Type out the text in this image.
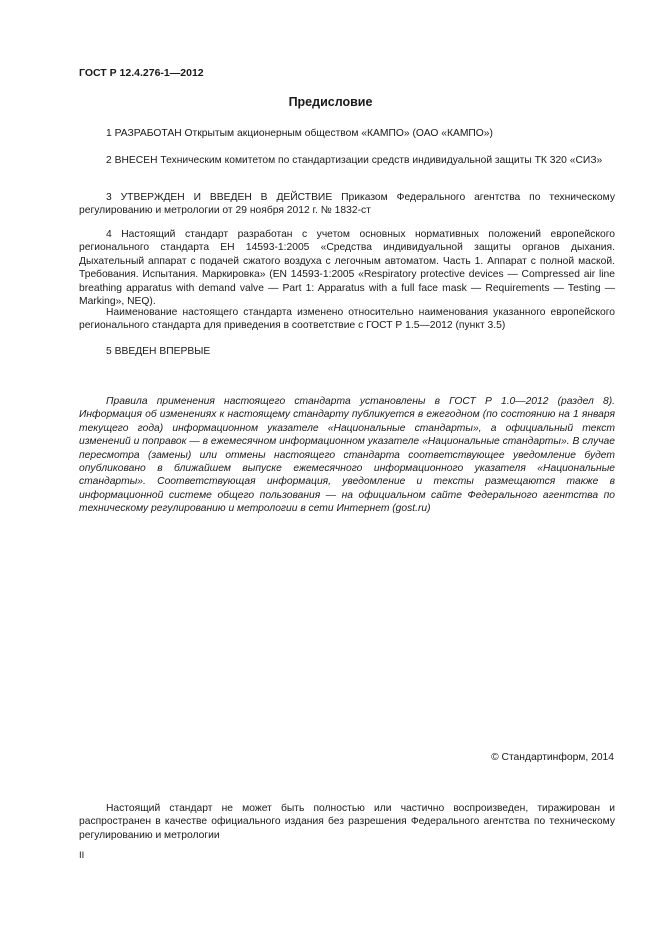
ГОСТ Р 12.4.276-1—2012
Предисловие

1 РАЗРАБОТАН Открытым акционерным обществом «КАМПО» (ОАО «КАМПО»)

2 ВНЕСЕН Техническим комитетом по стандартизации средств индивидуальной защиты ТК 320 «СИЗ»

3 УТВЕРЖДЕН И ВВЕДЕН В ДЕЙСТВИЕ Приказом Федерального агентства по техническому регулированию и метрологии от 29 ноября 2012 г. № 1832-ст

4 Настоящий стандарт разработан с учетом основных нормативных положений европейского регионального стандарта ЕН 14593-1:2005 «Средства индивидуальной защиты органов дыхания. Дыхательный аппарат с подачей сжатого воздуха с легочным автоматом. Часть 1. Аппарат с полной маской. Требования. Испытания. Маркировка» (EN 14593-1:2005 «Respiratory protective devices — Compressed air line breathing apparatus with demand valve — Part 1: Apparatus with a full face mask — Requirements — Testing — Marking», NEQ).

Наименование настоящего стандарта изменено относительно наименования указанного европейского регионального стандарта для приведения в соответствие с ГОСТ Р 1.5—2012 (пункт 3.5)

5 ВВЕДЕН ВПЕРВЫЕ

Правила применения настоящего стандарта установлены в ГОСТ Р 1.0—2012 (раздел 8). Информация об изменениях к настоящему стандарту публикуется в ежегодном (по состоянию на 1 января текущего года) информационном указателе «Национальные стандарты», а официальный текст изменений и поправок — в ежемесячном информационном указателе «Национальные стандарты». В случае пересмотра (замены) или отмены настоящего стандарта соответствующее уведомление будет опубликовано в ближайшем выпуске ежемесячного информационного указателя «Национальные стандарты». Соответствующая информация, уведомление и тексты размещаются также в информационной системе общего пользования — на официальном сайте Федерального агентства по техническому регулированию и метрологии в сети Интернет (gost.ru)

© Стандартинформ, 2014

Настоящий стандарт не может быть полностью или частично воспроизведен, тиражирован и распространен в качестве официального издания без разрешения Федерального агентства по техническому регулированию и метрологии

II
